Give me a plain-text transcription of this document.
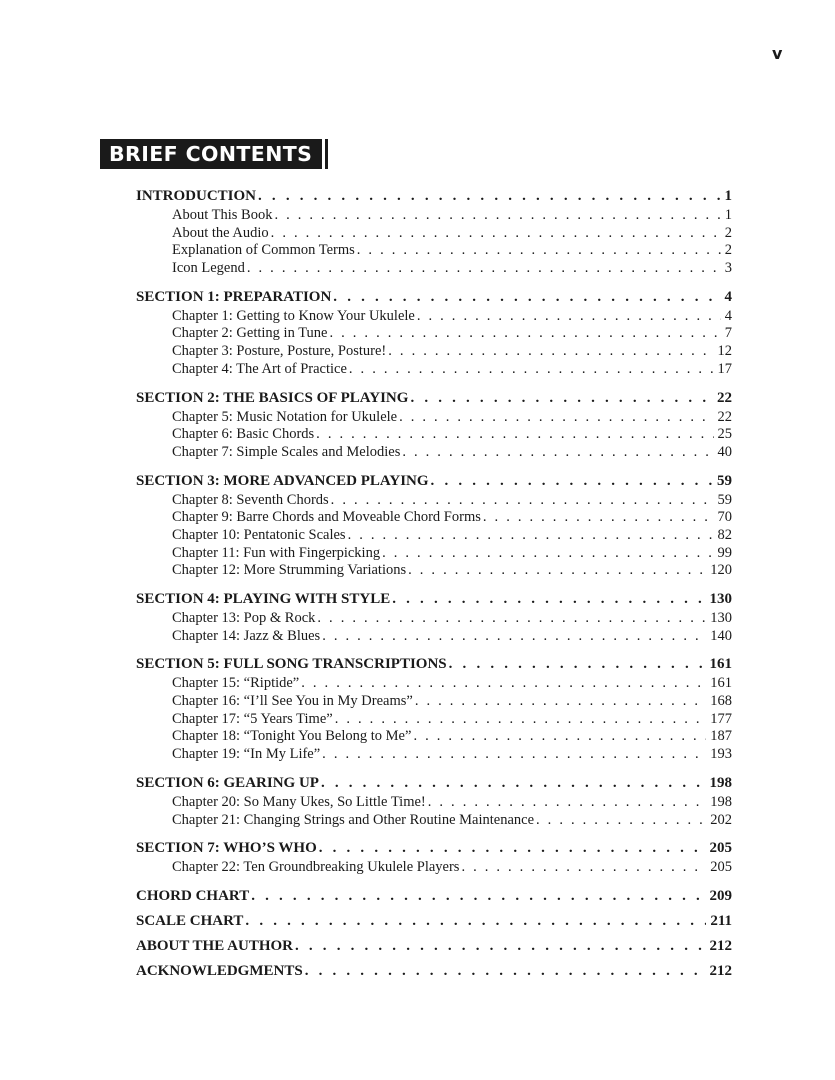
v
BRIEF CONTENTS
INTRODUCTION . . .	1
About This Book . . .	1
About the Audio . . .	2
Explanation of Common Terms . . .	2
Icon Legend . . .	3
SECTION 1: PREPARATION . . .	4
Chapter 1: Getting to Know Your Ukulele . . .	4
Chapter 2: Getting in Tune . . .	7
Chapter 3: Posture, Posture, Posture! . . .	12
Chapter 4: The Art of Practice . . .	17
SECTION 2: THE BASICS OF PLAYING . . .	22
Chapter 5: Music Notation for Ukulele . . .	22
Chapter 6: Basic Chords . . .	25
Chapter 7: Simple Scales and Melodies . . .	40
SECTION 3: MORE ADVANCED PLAYING . . .	59
Chapter 8: Seventh Chords . . .	59
Chapter 9: Barre Chords and Moveable Chord Forms . . .	70
Chapter 10: Pentatonic Scales . . .	82
Chapter 11: Fun with Fingerpicking . . .	99
Chapter 12: More Strumming Variations . . .	120
SECTION 4: PLAYING WITH STYLE . . .	130
Chapter 13: Pop & Rock . . .	130
Chapter 14: Jazz & Blues . . .	140
SECTION 5: FULL SONG TRANSCRIPTIONS . . .	161
Chapter 15: “Riptide” . . .	161
Chapter 16: “I’ll See You in My Dreams” . . .	168
Chapter 17: “5 Years Time” . . .	177
Chapter 18: “Tonight You Belong to Me” . . .	187
Chapter 19: “In My Life” . . .	193
SECTION 6: GEARING UP . . .	198
Chapter 20: So Many Ukes, So Little Time! . . .	198
Chapter 21: Changing Strings and Other Routine Maintenance . . .	202
SECTION 7: WHO’S WHO . . .	205
Chapter 22: Ten Groundbreaking Ukulele Players . . .	205
CHORD CHART . . .	209
SCALE CHART . . .	211
ABOUT THE AUTHOR . . .	212
ACKNOWLEDGMENTS . . .	212
